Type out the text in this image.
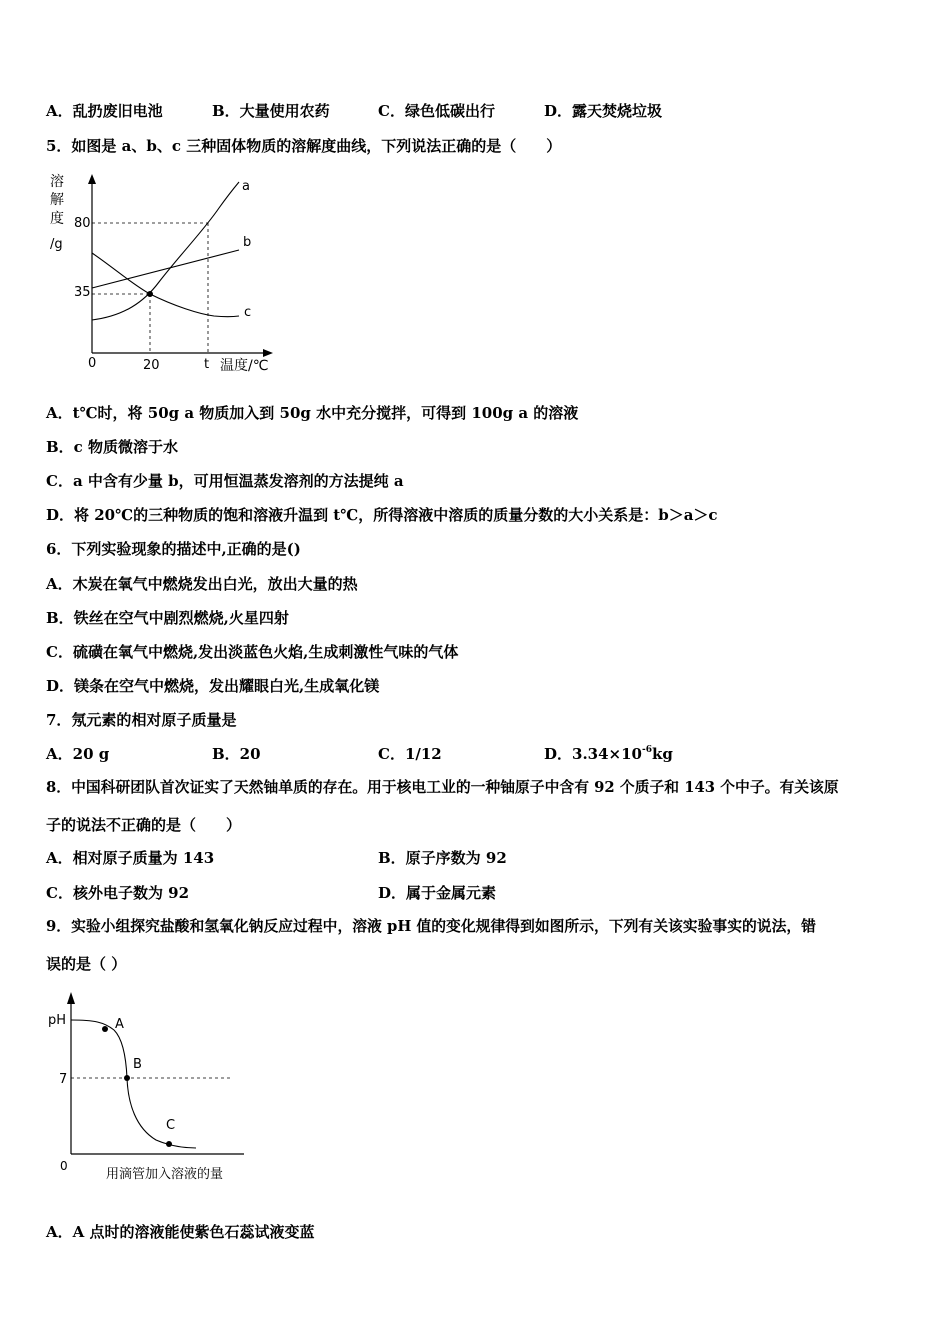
A．乱扔废旧电池	B．大量使用农药	C．绿色低碳出行	D．露天焚烧垃圾
5．如图是 a、b、c 三种固体物质的溶解度曲线，下列说法正确的是（　　）
溶
解
度
/g
80
35
a
b
c
0	20	t 温度/℃
A．t℃时，将 50g a 物质加入到 50g 水中充分搅拌，可得到 100g a 的溶液
B．c 物质微溶于水
C．a 中含有少量 b，可用恒温蒸发溶剂的方法提纯 a
D．将 20℃的三种物质的饱和溶液升温到 t℃，所得溶液中溶质的质量分数的大小关系是：b＞a＞c
6．下列实验现象的描述中,正确的是()
A．木炭在氧气中燃烧发出白光，放出大量的热
B．铁丝在空气中剧烈燃烧,火星四射
C．硫磺在氧气中燃烧,发出淡蓝色火焰,生成刺激性气味的气体
D．镁条在空气中燃烧，发出耀眼白光,生成氧化镁
7．氖元素的相对原子质量是
A．20 g	B．20	C．1/12	D．$3.34\times 10^{-6}kg$
8．中国科研团队首次证实了天然铀单质的存在。用于核电工业的一种铀原子中含有 92 个质子和 143 个中子。有关该原
子的说法不正确的是（　　）
A．相对原子质量为 143	B．原子序数为 92
C．核外电子数为 92	D．属于金属元素
9．实验小组探究盐酸和氢氧化钠反应过程中，溶液 pH 值的变化规律得到如图所示，下列有关该实验事实的说法，错
误的是（ ）
pH
7
A
B
C
0
用滴管加入溶液的量
A．A 点时的溶液能使紫色石蕊试液变蓝
